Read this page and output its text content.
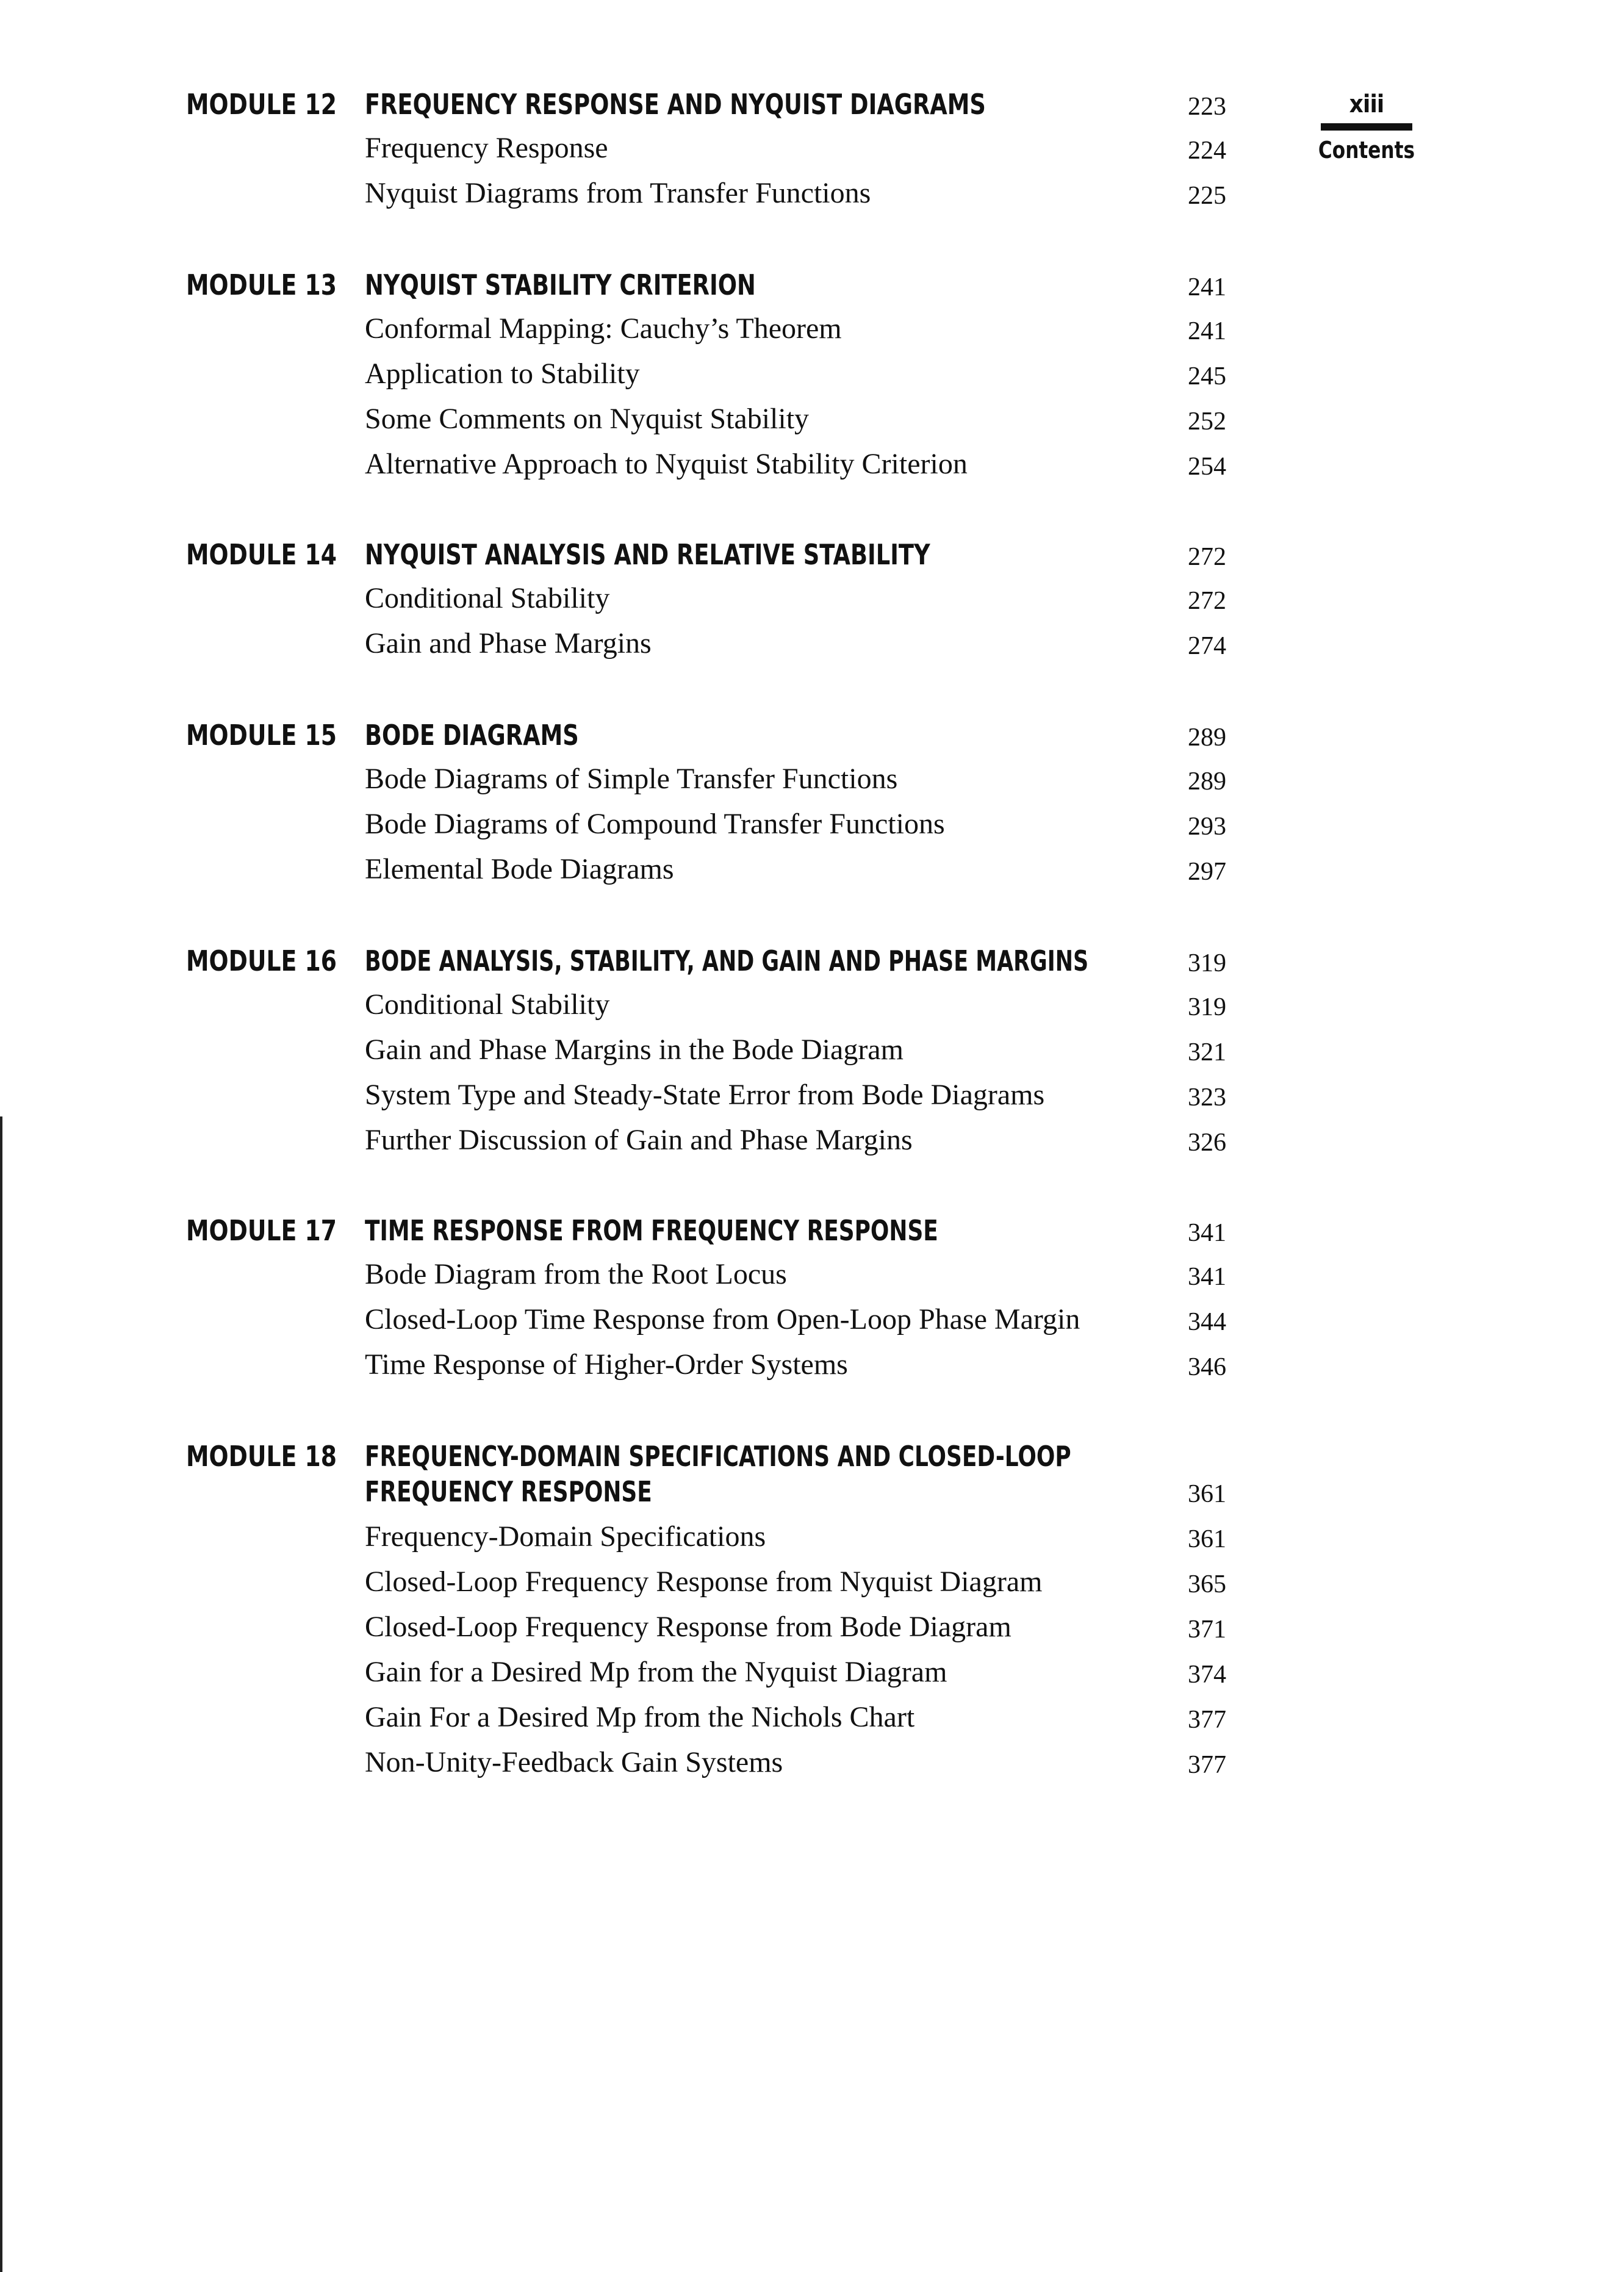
xiii
Contents
MODULE 12 FREQUENCY RESPONSE AND NYQUIST DIAGRAMS	223
Frequency Response	224
Nyquist Diagrams from Transfer Functions	225
MODULE 13 NYQUIST STABILITY CRITERION	241
Conformal Mapping: Cauchy’s Theorem	241
Application to Stability	245
Some Comments on Nyquist Stability	252
Alternative Approach to Nyquist Stability Criterion	254
MODULE 14 NYQUIST ANALYSIS AND RELATIVE STABILITY	272
Conditional Stability	272
Gain and Phase Margins	274
MODULE 15 BODE DIAGRAMS	289
Bode Diagrams of Simple Transfer Functions	289
Bode Diagrams of Compound Transfer Functions	293
Elemental Bode Diagrams	297
MODULE 16 BODE ANALYSIS, STABILITY, AND GAIN AND PHASE MARGINS	319
Conditional Stability	319
Gain and Phase Margins in the Bode Diagram	321
System Type and Steady-State Error from Bode Diagrams	323
Further Discussion of Gain and Phase Margins	326
MODULE 17 TIME RESPONSE FROM FREQUENCY RESPONSE	341
Bode Diagram from the Root Locus	341
Closed-Loop Time Response from Open-Loop Phase Margin	344
Time Response of Higher-Order Systems	346
MODULE 18 FREQUENCY-DOMAIN SPECIFICATIONS AND CLOSED-LOOP
FREQUENCY RESPONSE	361
Frequency-Domain Specifications	361
Closed-Loop Frequency Response from Nyquist Diagram	365
Closed-Loop Frequency Response from Bode Diagram	371
Gain for a Desired Mp from the Nyquist Diagram	374
Gain For a Desired Mp from the Nichols Chart	377
Non-Unity-Feedback Gain Systems	377
